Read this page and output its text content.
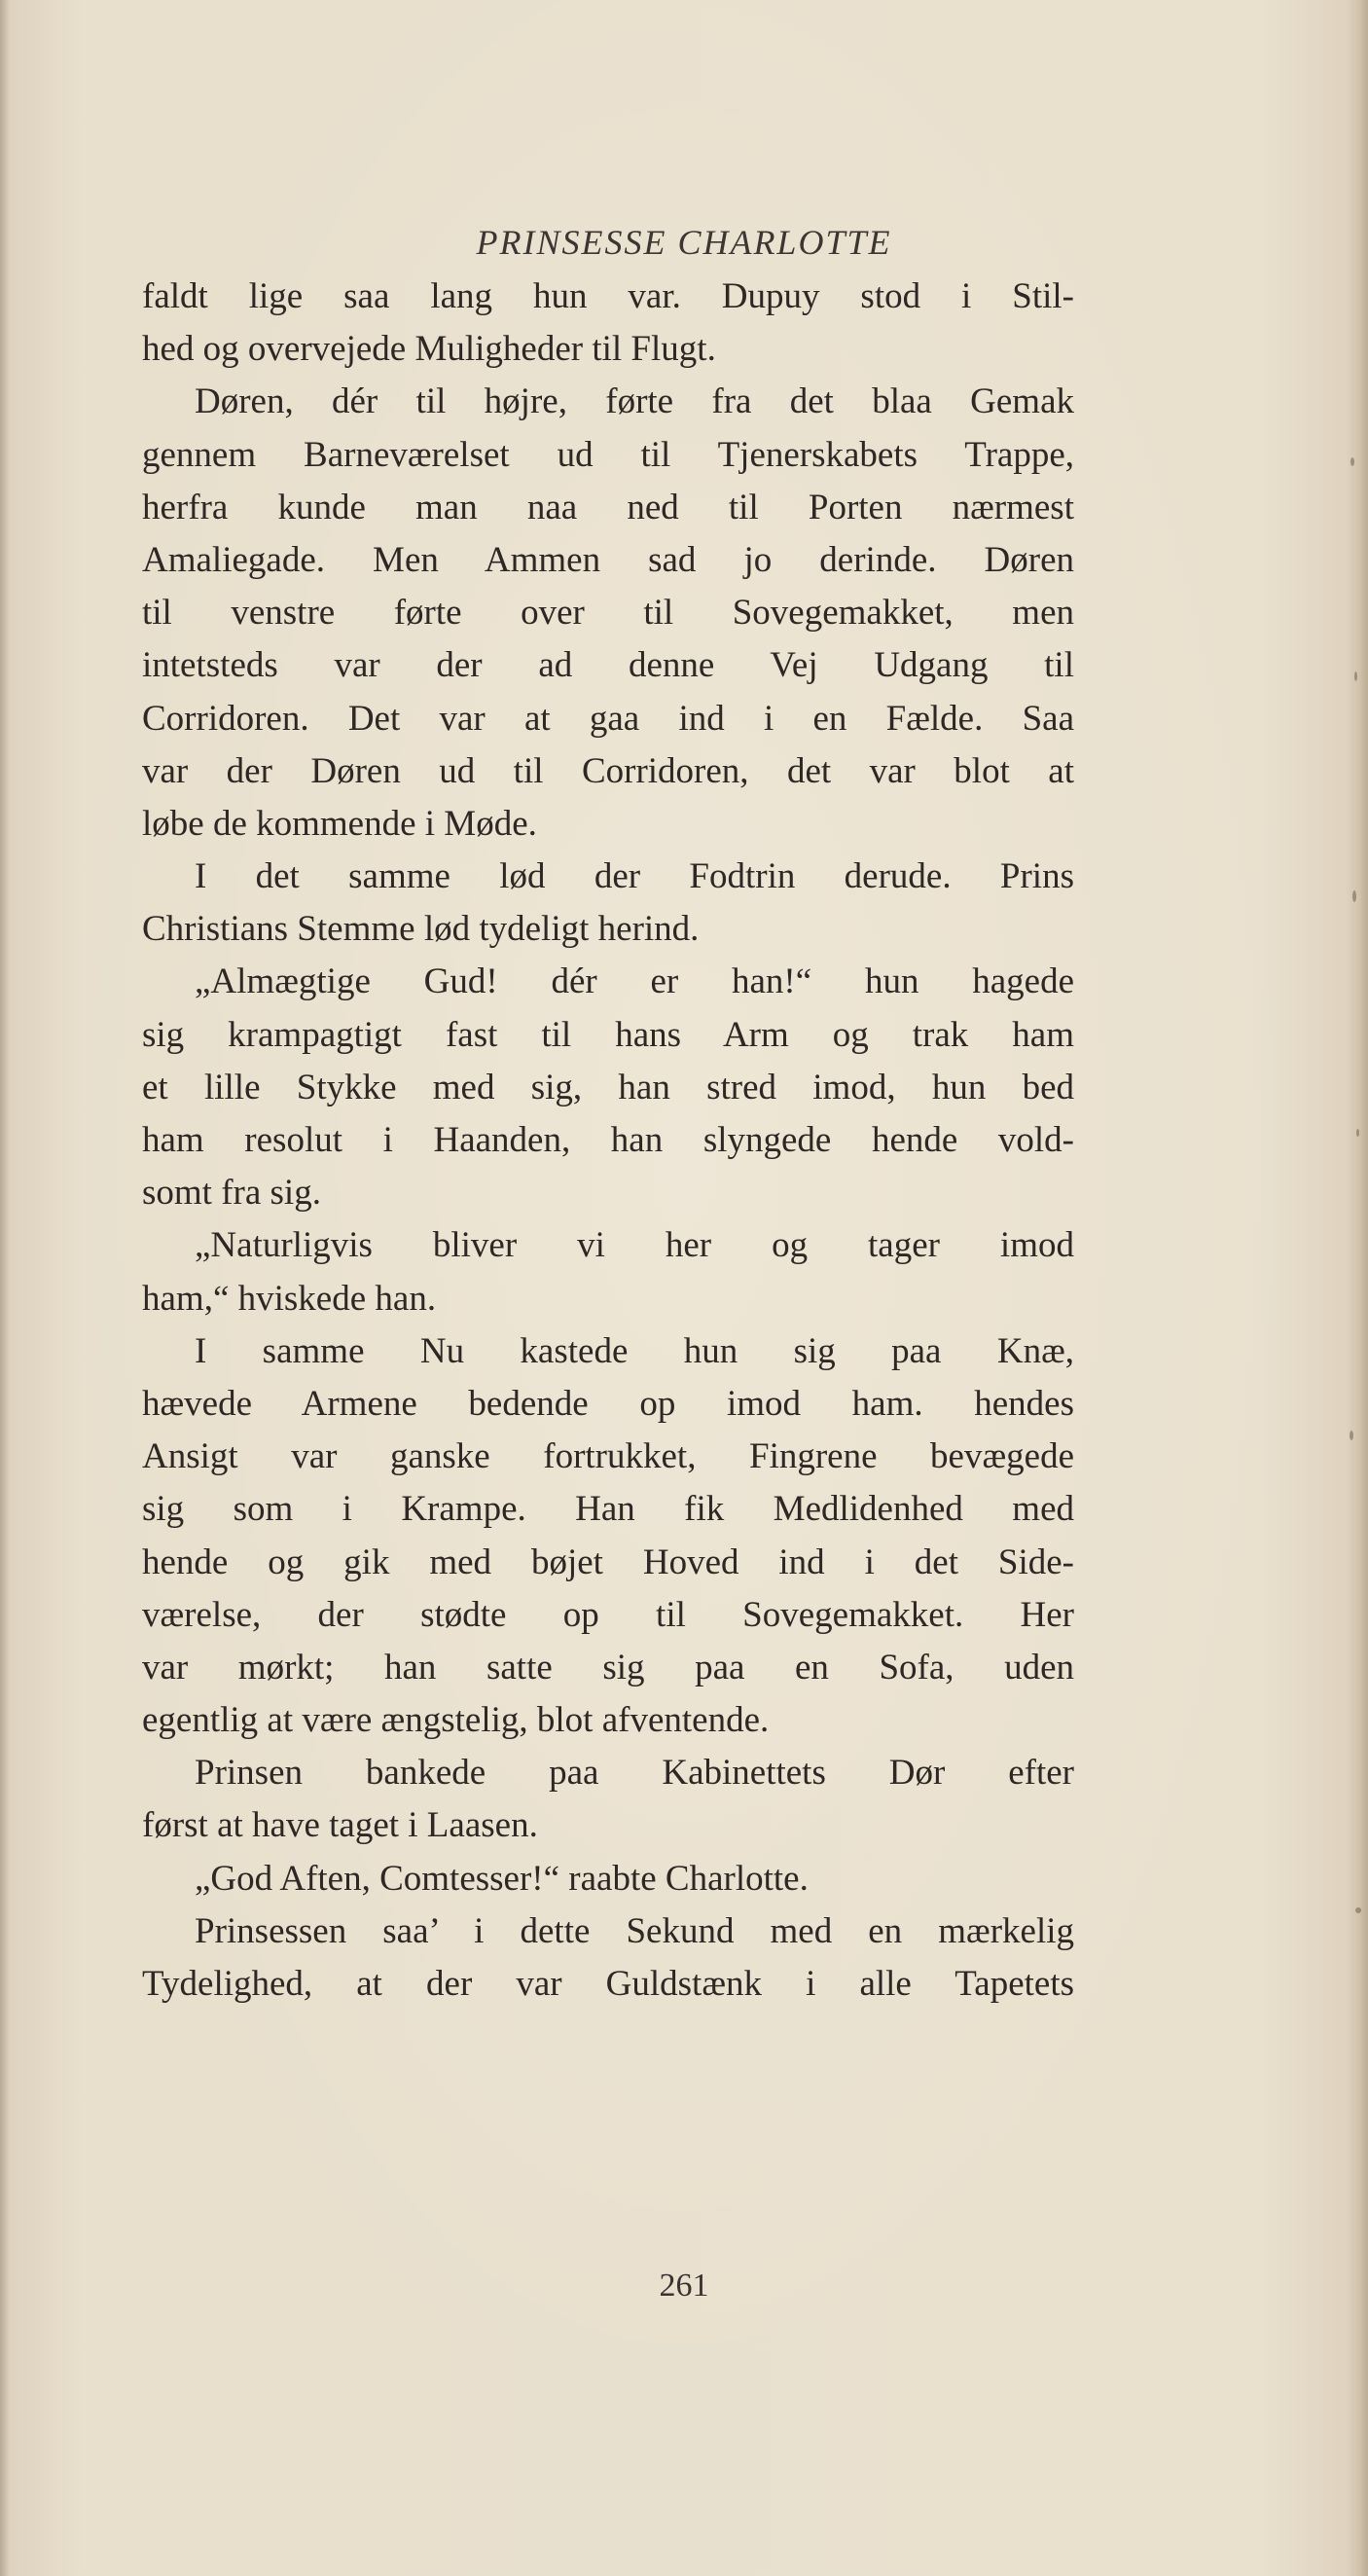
PRINSESSE CHARLOTTE
faldt lige saa lang hun var. Dupuy stod i Stil-
hed og overvejede Muligheder til Flugt.
Døren, dér til højre, førte fra det blaa Gemak
gennem Barneværelset ud til Tjenerskabets Trappe,
herfra kunde man naa ned til Porten nærmest
Amaliegade. Men Ammen sad jo derinde. Døren
til venstre førte over til Sovegemakket, men
intetsteds var der ad denne Vej Udgang til
Corridoren. Det var at gaa ind i en Fælde. Saa
var der Døren ud til Corridoren, det var blot at
løbe de kommende i Møde.
I det samme lød der Fodtrin derude. Prins
Christians Stemme lød tydeligt herind.
„Almægtige Gud! dér er han!“ hun hagede
sig krampagtigt fast til hans Arm og trak ham
et lille Stykke med sig, han stred imod, hun bed
ham resolut i Haanden, han slyngede hende vold-
somt fra sig.
„Naturligvis bliver vi her og tager imod
ham,“ hviskede han.
I samme Nu kastede hun sig paa Knæ,
hævede Armene bedende op imod ham. hendes
Ansigt var ganske fortrukket, Fingrene bevægede
sig som i Krampe. Han fik Medlidenhed med
hende og gik med bøjet Hoved ind i det Side-
værelse, der stødte op til Sovegemakket. Her
var mørkt; han satte sig paa en Sofa, uden
egentlig at være ængstelig, blot afventende.
Prinsen bankede paa Kabinettets Dør efter
først at have taget i Laasen.
„God Aften, Comtesser!“ raabte Charlotte.
Prinsessen saa’ i dette Sekund med en mærkelig
Tydelighed, at der var Guldstænk i alle Tapetets
261
